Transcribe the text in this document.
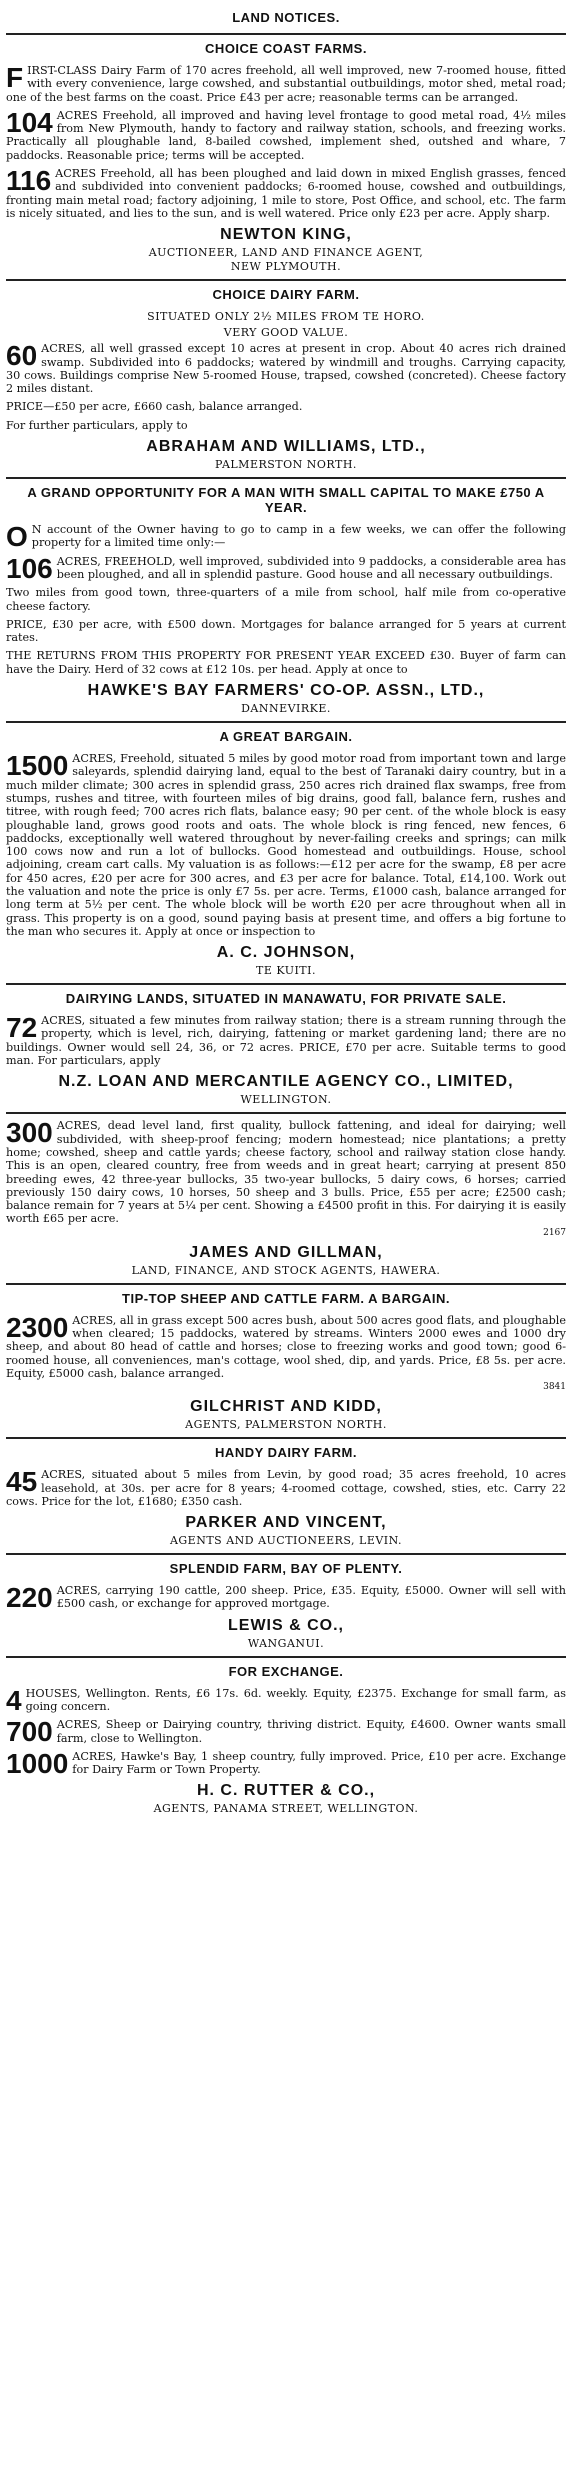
LAND NOTICES.
CHOICE COAST FARMS.
FIRST-CLASS Dairy Farm of 170 acres freehold, all well improved, new 7-roomed house, fitted with every convenience, large cowshed, and substantial outbuildings, motor shed, metal road; one of the best farms on the coast. Price £43 per acre; reasonable terms can be arranged.
104 ACRES Freehold, all improved and having level frontage to good metal road, 4½ miles from New Plymouth, handy to factory and railway station, schools, and freezing works. Practically all ploughable land, 8-bailed cowshed, implement shed, outshed and whare, 7 paddocks. Reasonable price; terms will be accepted.
116 ACRES Freehold, all has been ploughed and laid down in mixed English grasses, fenced and subdivided into convenient paddocks; 6-roomed house, cowshed and outbuildings, fronting main metal road; factory adjoining, 1 mile to store, Post Office, and school, etc. The farm is nicely situated, and lies to the sun, and is well watered. Price only £23 per acre. Apply sharp.
NEWTON KING,
AUCTIONEER, LAND AND FINANCE AGENT,
NEW PLYMOUTH.
CHOICE DAIRY FARM.
SITUATED ONLY 2½ MILES FROM TE HORO.
VERY GOOD VALUE.
60 ACRES, all well grassed except 10 acres at present in crop. About 40 acres rich drained swamp. Subdivided into 6 paddocks; watered by windmill and troughs. Carrying capacity, 30 cows. Buildings comprise New 5-roomed House, trapsed, cowshed (concreted). Cheese factory 2 miles distant.
PRICE—£50 per acre, £660 cash, balance arranged.
For further particulars, apply to
ABRAHAM AND WILLIAMS, LTD.,
PALMERSTON NORTH.
A GRAND OPPORTUNITY FOR A MAN WITH SMALL CAPITAL TO MAKE £750 A YEAR.
O N account of the Owner having to go to camp in a few weeks, we can offer the following property for a limited time only:—
106 ACRES, FREEHOLD, well improved, subdivided into 9 paddocks, a considerable area has been ploughed, and all in splendid pasture. Good house and all necessary outbuildings.
Two miles from good town, three-quarters of a mile from school, half mile from co-operative cheese factory.
PRICE, £30 per acre, with £500 down. Mortgages for balance arranged for 5 years at current rates.
THE RETURNS FROM THIS PROPERTY FOR PRESENT YEAR EXCEED £30. Buyer of farm can have the Dairy. Herd of 32 cows at £12 10s. per head. Apply at once to
HAWKE'S BAY FARMERS' CO-OP. ASSN., LTD.,
DANNEVIRKE.
A GREAT BARGAIN.
1500 ACRES, Freehold, situated 5 miles by good motor road from important town and large saleyards, splendid dairying land, equal to the best of Taranaki dairy country, but in a much milder climate; 300 acres in splendid grass, 250 acres rich drained flax swamps, free from stumps, rushes and titree, with fourteen miles of big drains, good fall, balance fern, rushes and titree, with rough feed; 700 acres rich flats, balance easy; 90 per cent. of the whole block is easy ploughable land, grows good roots and oats. The whole block is ring fenced, new fences, 6 paddocks, exceptionally well watered throughout by never-failing creeks and springs; can milk 100 cows now and run a lot of bullocks. Good homestead and outbuildings. House, school adjoining, cream cart calls. My valuation is as follows:—£12 per acre for the swamp, £8 per acre for 450 acres, £20 per acre for 300 acres, and £3 per acre for balance. Total, £14,100. Work out the valuation and note the price is only £7 5s. per acre. Terms, £1000 cash, balance arranged for long term at 5½ per cent. The whole block will be worth £20 per acre throughout when all in grass. This property is on a good, sound paying basis at present time, and offers a big fortune to the man who secures it. Apply at once or inspection to
A. C. JOHNSON,
TE KUITI.
DAIRYING LANDS, SITUATED IN MANAWATU, FOR PRIVATE SALE.
72 ACRES, situated a few minutes from railway station; there is a stream running through the property, which is level, rich, dairying, fattening or market gardening land; there are no buildings. Owner would sell 24, 36, or 72 acres. PRICE, £70 per acre. Suitable terms to good man. For particulars, apply
N.Z. LOAN AND MERCANTILE AGENCY CO., LIMITED,
WELLINGTON.
300 ACRES, dead level land, first quality, bullock fattening, and ideal for dairying; well subdivided, with sheep-proof fencing; modern homestead; nice plantations; a pretty home; cowshed, sheep and cattle yards; cheese factory, school and railway station close handy. This is an open, cleared country, free from weeds and in great heart; carrying at present 850 breeding ewes, 42 three-year bullocks, 35 two-year bullocks, 5 dairy cows, 6 horses; carried previously 150 dairy cows, 10 horses, 50 sheep and 3 bulls. Price, £55 per acre; £2500 cash; balance remain for 7 years at 5¼ per cent. Showing a £4500 profit in this. For dairying it is easily worth £65 per acre.
2167
JAMES AND GILLMAN,
LAND, FINANCE, AND STOCK AGENTS, HAWERA.
TIP-TOP SHEEP AND CATTLE FARM. A BARGAIN.
2300 ACRES, all in grass except 500 acres bush, about 500 acres good flats, and ploughable when cleared; 15 paddocks, watered by streams. Winters 2000 ewes and 1000 dry sheep, and about 80 head of cattle and horses; close to freezing works and good town; good 6-roomed house, all conveniences, man's cottage, wool shed, dip, and yards. Price, £8 5s. per acre. Equity, £5000 cash, balance arranged.
3841
GILCHRIST AND KIDD,
AGENTS, PALMERSTON NORTH.
HANDY DAIRY FARM.
45 ACRES, situated about 5 miles from Levin, by good road; 35 acres freehold, 10 acres leasehold, at 30s. per acre for 8 years; 4-roomed cottage, cowshed, sties, etc. Carry 22 cows. Price for the lot, £1680; £350 cash.
PARKER AND VINCENT,
AGENTS AND AUCTIONEERS, LEVIN.
SPLENDID FARM, BAY OF PLENTY.
220 ACRES, carrying 190 cattle, 200 sheep. Price, £35. Equity, £5000. Owner will sell with £500 cash, or exchange for approved mortgage.
LEWIS & CO.,
WANGANUI.
FOR EXCHANGE.
4 HOUSES, Wellington. Rents, £6 17s. 6d. weekly. Equity, £2375. Exchange for small farm, as going concern.
700 ACRES, Sheep or Dairying country, thriving district. Equity, £4600. Owner wants small farm, close to Wellington.
1000 ACRES, Hawke's Bay, 1 sheep country, fully improved. Price, £10 per acre. Exchange for Dairy Farm or Town Property.
H. C. RUTTER & CO.,
AGENTS, PANAMA STREET, WELLINGTON.
